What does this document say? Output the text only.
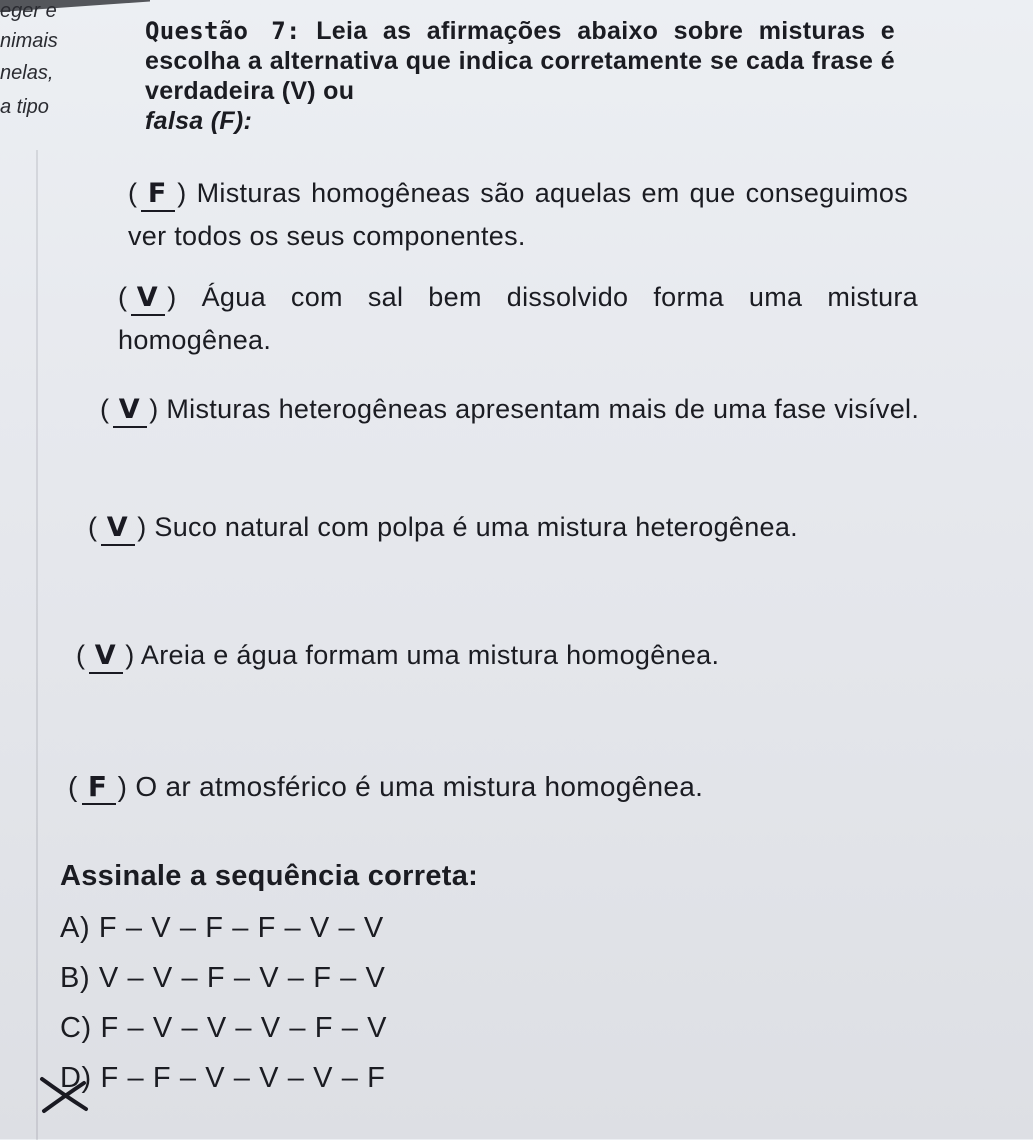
eger e
nimais
nelas,
a tipo
Questão 7: Leia as afirmações abaixo sobre misturas e escolha a alternativa que indica corretamente se cada frase é verdadeira (V) ou
falsa (F):
( F ) Misturas homogêneas são aquelas em que conseguimos ver todos os seus componentes.
( V ) Água com sal bem dissolvido forma uma mistura homogênea.
( V ) Misturas heterogêneas apresentam mais de uma fase visível.
( V ) Suco natural com polpa é uma mistura heterogênea.
( V ) Areia e água formam uma mistura homogênea.
( F ) O ar atmosférico é uma mistura homogênea.
Assinale a sequência correta:
A) F – V – F – F – V – V
B) V – V – F – V – F – V
C) F – V – V – V – F – V
D) F – F – V – V – V – F
